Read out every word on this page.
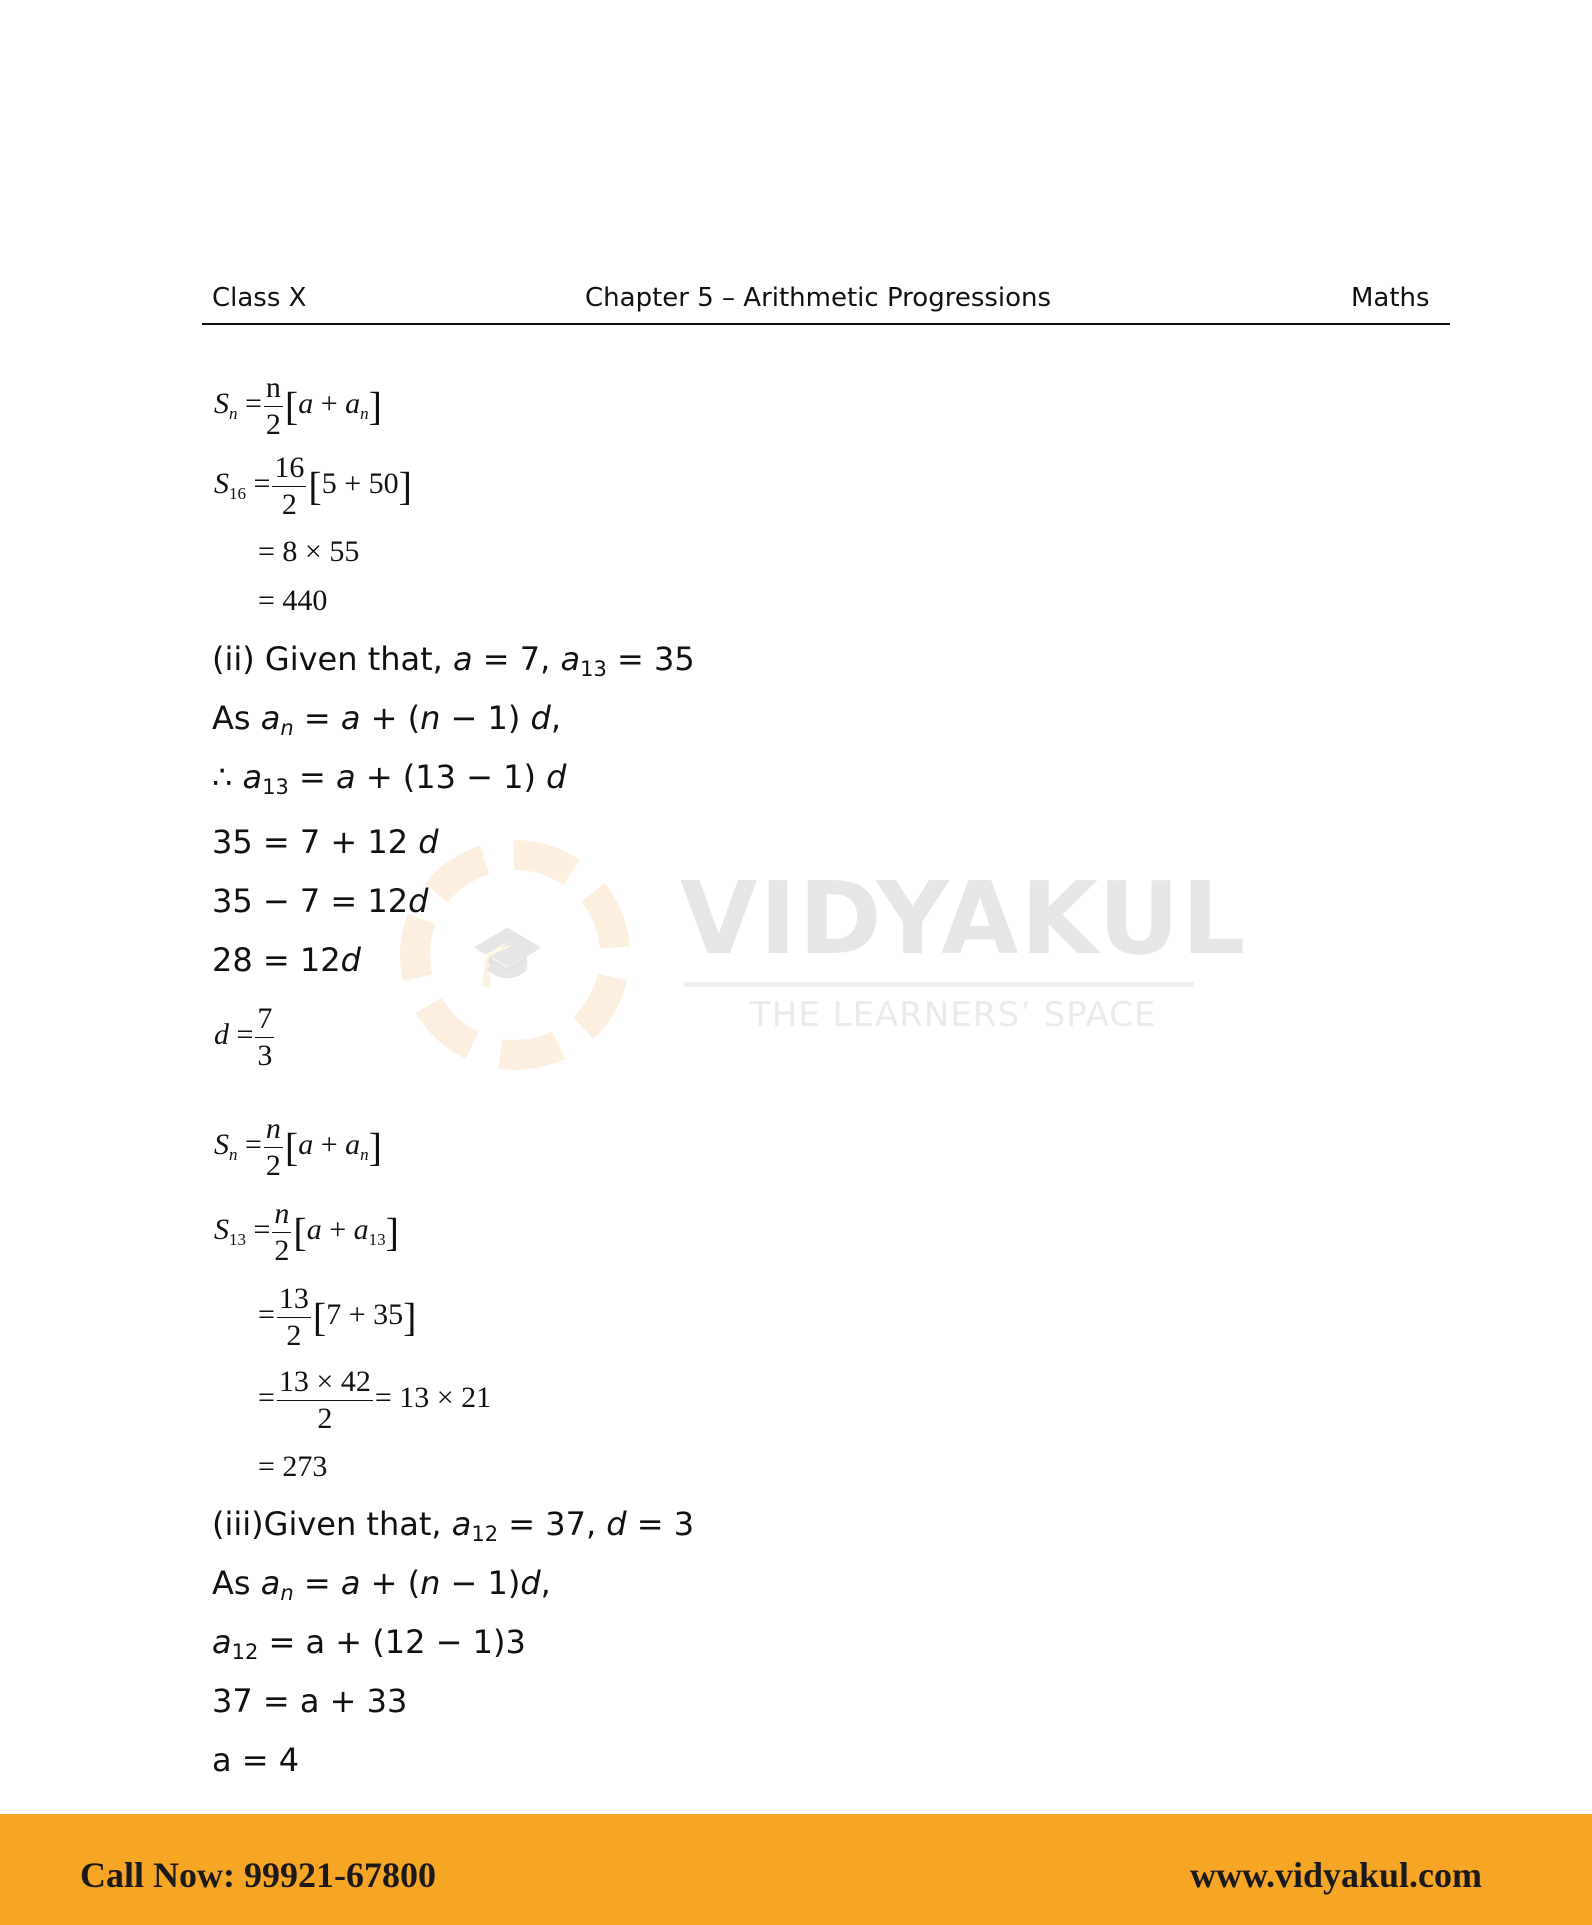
Class X	Chapter 5 – Arithmetic Progressions	Maths
🎓 VIDYAKUL
THE LEARNERS’ SPACE
$S_n = \frac{n}{2} [a + a_n]$
$S_{16} = \frac{16}{2} [5 + 50]$
= 8 × 55
= 440
(ii) Given that, a = 7, $a_{13} = 35$
As $a_n = a + (n - 1)$ d,
∴ $a_{13} = a + (13 - 1)$ d
35 = 7 + 12 d
35 − 7 = 12d
28 = 12d
$d = \frac{7}{3}$
$S_n = \frac{n}{2} [a + a_n]$
$S_{13} = \frac{n}{2} [a + a_{13}]$
= $\frac{13}{2} [7 + 35]$
= $\frac{13 \times 42}{2} = 13 \times 21$
= 273
(iii)Given that, $a_{12} = 37$, d = 3
As $a_n = a + (n - 1)d$,
$a_{12} = a + (12 - 1)3$
37 = a + 33
a = 4
Call Now: 99921-67800	www.vidyakul.com
